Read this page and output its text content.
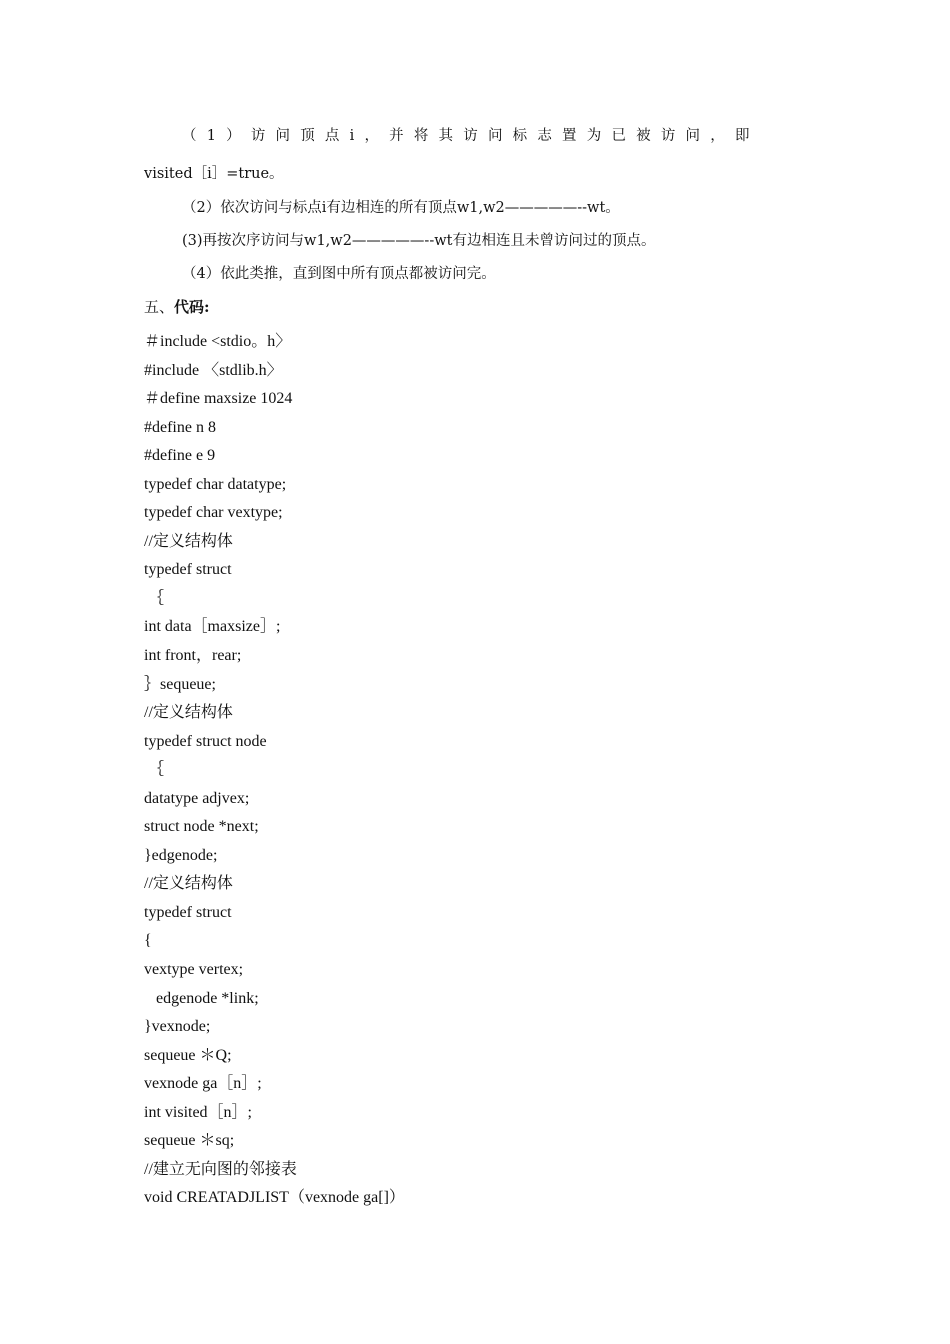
（1）访问顶点i，并将其访问标志置为已被访问，即
visited［i］=true。
（2）依次访问与标点i有边相连的所有顶点w1,w2—————--wt。
(3)再按次序访问与w1,w2—————--wt有边相连且未曾访问过的顶点。
（4）依此类推，直到图中所有顶点都被访问完。
五、代码:
＃include <stdio。h〉
#include 〈stdlib.h〉
＃define maxsize 1024
#define n 8
#define e 9
typedef char datatype;
typedef char vextype;
//定义结构体
typedef struct
｛
int data［maxsize］;
int front，rear;
｝sequeue;
//定义结构体
typedef struct node
｛
datatype adjvex;
struct node *next;
}edgenode;
//定义结构体
typedef struct
{
vextype vertex;
edgenode *link;
}vexnode;
sequeue ＊Q;
vexnode ga［n］;
int visited［n］;
sequeue ＊sq;
//建立无向图的邻接表
void CREATADJLIST（vexnode ga[]）
